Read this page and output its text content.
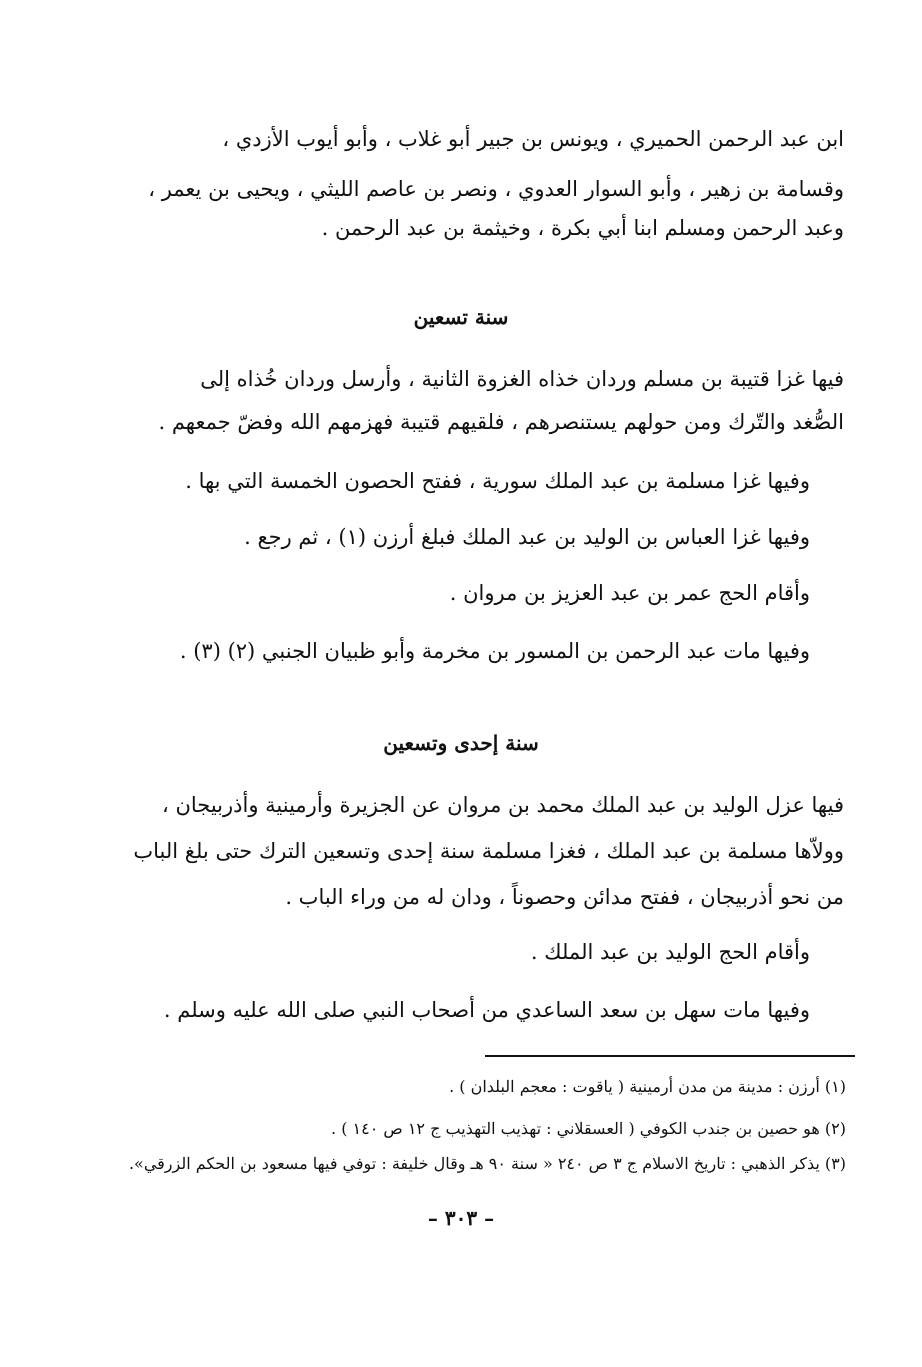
ابن عبد الرحمن الحميري ، ويونس بن جبير أبو غلاب ، وأبو أيوب الأزدي ،
وقسامة بن زهير ، وأبو السوار العدوي ، ونصر بن عاصم الليثي ، ويحيى بن يعمر ،
وعبد الرحمن ومسلم ابنا أبي بكرة ، وخيثمة بن عبد الرحمن .
سنة تسعين
فيها غزا قتيبة بن مسلم وردان خذاه الغزوة الثانية ، وأرسل وردان خُذاه إلى
الصُّغد والتّرك ومن حولهم يستنصرهم ، فلقيهم قتيبة فهزمهم الله وفضّ جمعهم .
وفيها غزا مسلمة بن عبد الملك سورية ، ففتح الحصون الخمسة التي بها .
وفيها غزا العباس بن الوليد بن عبد الملك فبلغ أرزن (١) ، ثم رجع .
وأقام الحج عمر بن عبد العزيز بن مروان .
وفيها مات عبد الرحمن بن المسور بن مخرمة وأبو ظبيان الجنبي (٢) (٣) .
سنة إحدى وتسعين
فيها عزل الوليد بن عبد الملك محمد بن مروان عن الجزيرة وأرمينية وأذربيجان ،
وولاّها مسلمة بن عبد الملك ، فغزا مسلمة سنة إحدى وتسعين الترك حتى بلغ الباب
من نحو أذربيجان ، ففتح مدائن وحصوناً ، ودان له من وراء الباب .
وأقام الحج الوليد بن عبد الملك .
وفيها مات سهل بن سعد الساعدي من أصحاب النبي صلى الله عليه وسلم .
(١) أرزن : مدينة من مدن أرمينية ( ياقوت : معجم البلدان ) .
(٢) هو حصين بن جندب الكوفي ( العسقلاني : تهذيب التهذيب ج ١٢ ص ١٤٠ ) .
(٣) يذكر الذهبي : تاريخ الاسلام ج ٣ ص ٢٤٠ « سنة ٩٠ هـ وقال خليفة : توفي فيها مسعود بن الحكم الزرقي».
– ٣٠٣ –
